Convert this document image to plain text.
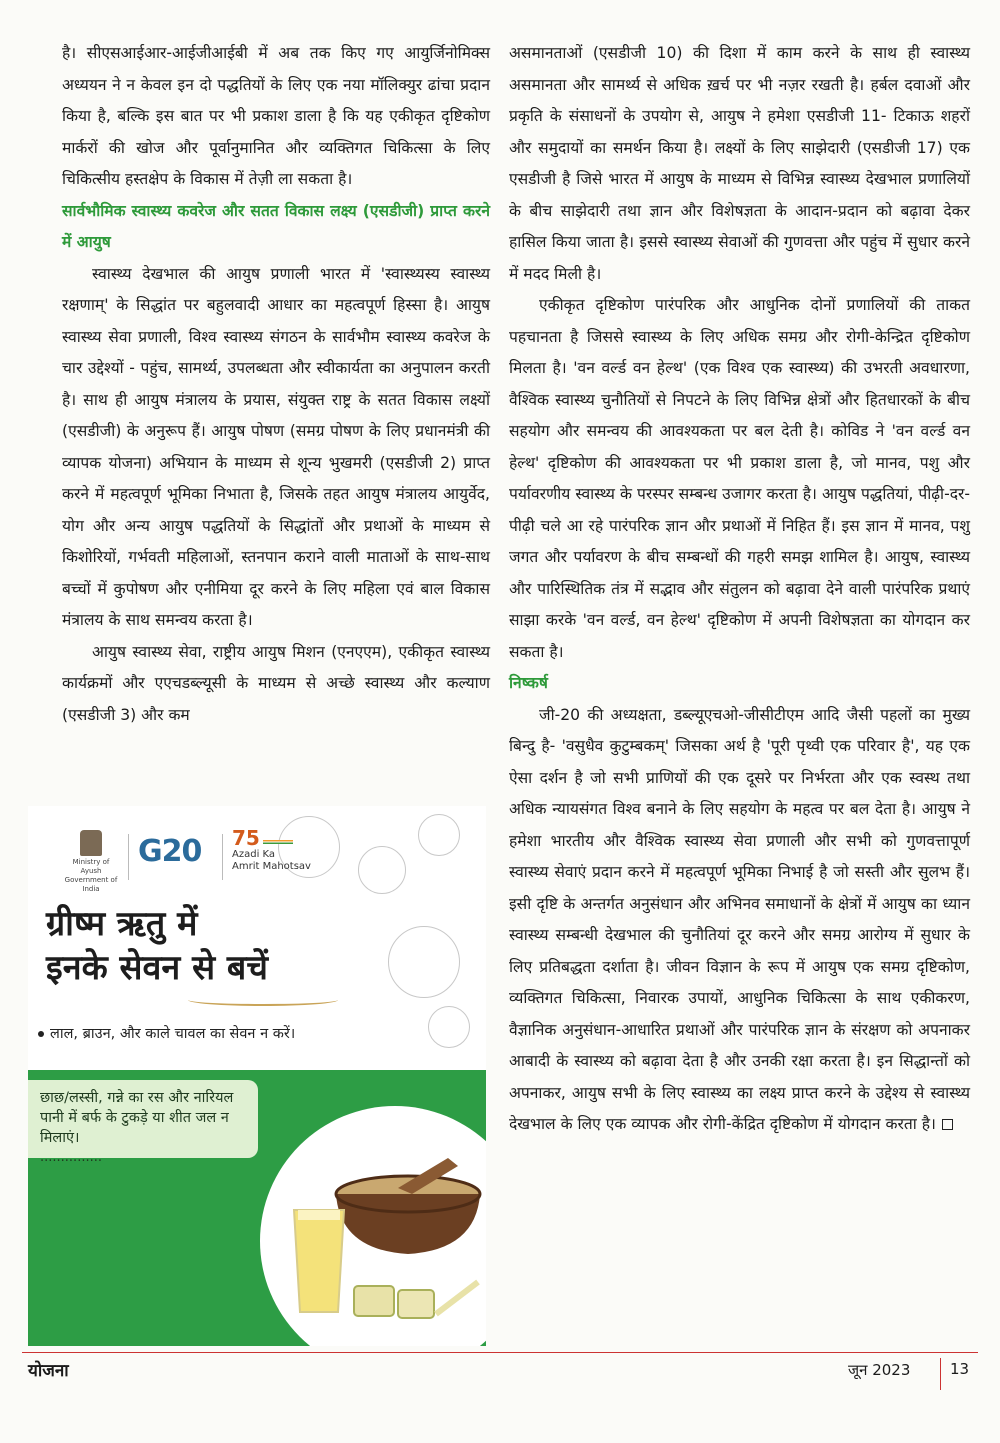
है। सीएसआईआर-आईजीआईबी में अब तक किए गए आयुर्जिनोमिक्स अध्ययन ने न केवल इन दो पद्धतियों के लिए एक नया मॉलिक्युर ढांचा प्रदान किया है, बल्कि इस बात पर भी प्रकाश डाला है कि यह एकीकृत दृष्टिकोण मार्करों की खोज और पूर्वानुमानित और व्यक्तिगत चिकित्सा के लिए चिकित्सीय हस्तक्षेप के विकास में तेज़ी ला सकता है।

सार्वभौमिक स्वास्थ्य कवरेज और सतत विकास लक्ष्य (एसडीजी) प्राप्त करने में आयुष

स्वास्थ्य देखभाल की आयुष प्रणाली भारत में 'स्वास्थ्यस्य स्वास्थ्य रक्षणाम्' के सिद्धांत पर बहुलवादी आधार का महत्वपूर्ण हिस्सा है। आयुष स्वास्थ्य सेवा प्रणाली, विश्व स्वास्थ्य संगठन के सार्वभौम स्वास्थ्य कवरेज के चार उद्देश्यों - पहुंच, सामर्थ्य, उपलब्धता और स्वीकार्यता का अनुपालन करती है। साथ ही आयुष मंत्रालय के प्रयास, संयुक्त राष्ट्र के सतत विकास लक्ष्यों (एसडीजी) के अनुरूप हैं। आयुष पोषण (समग्र पोषण के लिए प्रधानमंत्री की व्यापक योजना) अभियान के माध्यम से शून्य भुखमरी (एसडीजी 2) प्राप्त करने में महत्वपूर्ण भूमिका निभाता है, जिसके तहत आयुष मंत्रालय आयुर्वेद, योग और अन्य आयुष पद्धतियों के सिद्धांतों और प्रथाओं के माध्यम से किशोरियों, गर्भवती महिलाओं, स्तनपान कराने वाली माताओं के साथ-साथ बच्चों में कुपोषण और एनीमिया दूर करने के लिए महिला एवं बाल विकास मंत्रालय के साथ समन्वय करता है।

आयुष स्वास्थ्य सेवा, राष्ट्रीय आयुष मिशन (एनएएम), एकीकृत स्वास्थ्य कार्यक्रमों और एएचडब्ल्यूसी के माध्यम से अच्छे स्वास्थ्य और कल्याण (एसडीजी 3) और कम

असमानताओं (एसडीजी 10) की दिशा में काम करने के साथ ही स्वास्थ्य असमानता और सामर्थ्य से अधिक ख़र्च पर भी नज़र रखती है। हर्बल दवाओं और प्रकृति के संसाधनों के उपयोग से, आयुष ने हमेशा एसडीजी 11- टिकाऊ शहरों और समुदायों का समर्थन किया है। लक्ष्यों के लिए साझेदारी (एसडीजी 17) एक एसडीजी है जिसे भारत में आयुष के माध्यम से विभिन्न स्वास्थ्य देखभाल प्रणालियों के बीच साझेदारी तथा ज्ञान और विशेषज्ञता के आदान-प्रदान को बढ़ावा देकर हासिल किया जाता है। इससे स्वास्थ्य सेवाओं की गुणवत्ता और पहुंच में सुधार करने में मदद मिली है।

एकीकृत दृष्टिकोण पारंपरिक और आधुनिक दोनों प्रणालियों की ताकत पहचानता है जिससे स्वास्थ्य के लिए अधिक समग्र और रोगी-केन्द्रित दृष्टिकोण मिलता है। 'वन वर्ल्ड वन हेल्थ' (एक विश्व एक स्वास्थ्य) की उभरती अवधारणा, वैश्विक स्वास्थ्य चुनौतियों से निपटने के लिए विभिन्न क्षेत्रों और हितधारकों के बीच सहयोग और समन्वय की आवश्यकता पर बल देती है। कोविड ने 'वन वर्ल्ड वन हेल्थ' दृष्टिकोण की आवश्यकता पर भी प्रकाश डाला है, जो मानव, पशु और पर्यावरणीय स्वास्थ्य के परस्पर सम्बन्ध उजागर करता है। आयुष पद्धतियां, पीढ़ी-दर-पीढ़ी चले आ रहे पारंपरिक ज्ञान और प्रथाओं में निहित हैं। इस ज्ञान में मानव, पशु जगत और पर्यावरण के बीच सम्बन्धों की गहरी समझ शामिल है। आयुष, स्वास्थ्य और पारिस्थितिक तंत्र में सद्भाव और संतुलन को बढ़ावा देने वाली पारंपरिक प्रथाएं साझा करके 'वन वर्ल्ड, वन हेल्थ' दृष्टिकोण में अपनी विशेषज्ञता का योगदान कर सकता है।

निष्कर्ष

जी-20 की अध्यक्षता, डब्ल्यूएचओ-जीसीटीएम आदि जैसी पहलों का मुख्य बिन्दु है- 'वसुधैव कुटुम्बकम्' जिसका अर्थ है 'पूरी पृथ्वी एक परिवार है', यह एक ऐसा दर्शन है जो सभी प्राणियों की एक दूसरे पर निर्भरता और एक स्वस्थ तथा अधिक न्यायसंगत विश्व बनाने के लिए सहयोग के महत्व पर बल देता है। आयुष ने हमेशा भारतीय और वैश्विक स्वास्थ्य सेवा प्रणाली और सभी को गुणवत्तापूर्ण स्वास्थ्य सेवाएं प्रदान करने में महत्वपूर्ण भूमिका निभाई है जो सस्ती और सुलभ हैं। इसी दृष्टि के अन्तर्गत अनुसंधान और अभिनव समाधानों के क्षेत्रों में आयुष का ध्यान स्वास्थ्य सम्बन्धी देखभाल की चुनौतियां दूर करने और समग्र आरोग्य में सुधार के लिए प्रतिबद्धता दर्शाता है। जीवन विज्ञान के रूप में आयुष एक समग्र दृष्टिकोण, व्यक्तिगत चिकित्सा, निवारक उपायों, आधुनिक चिकित्सा के साथ एकीकरण, वैज्ञानिक अनुसंधान-आधारित प्रथाओं और पारंपरिक ज्ञान के संरक्षण को अपनाकर आबादी के स्वास्थ्य को बढ़ावा देता है और उनकी रक्षा करता है। इन सिद्धान्तों को अपनाकर, आयुष सभी के लिए स्वास्थ्य का लक्ष्य प्राप्त करने के उद्देश्य से स्वास्थ्य देखभाल के लिए एक व्यापक और रोगी-केंद्रित दृष्टिकोण में योगदान करता है।

Ministry of Ayush
Government of India
G20 75
Azadi Ka
Amrit Mahotsav
ग्रीष्म ऋतु में
इनके सेवन से बचें
लाल, ब्राउन, और काले चावल का सेवन न करें।
छाछ/लस्सी, गन्ने का रस और नारियल पानी में बर्फ के टुकड़े या शीत जल न मिलाएं।
...............
योजना	जून 2023	13
